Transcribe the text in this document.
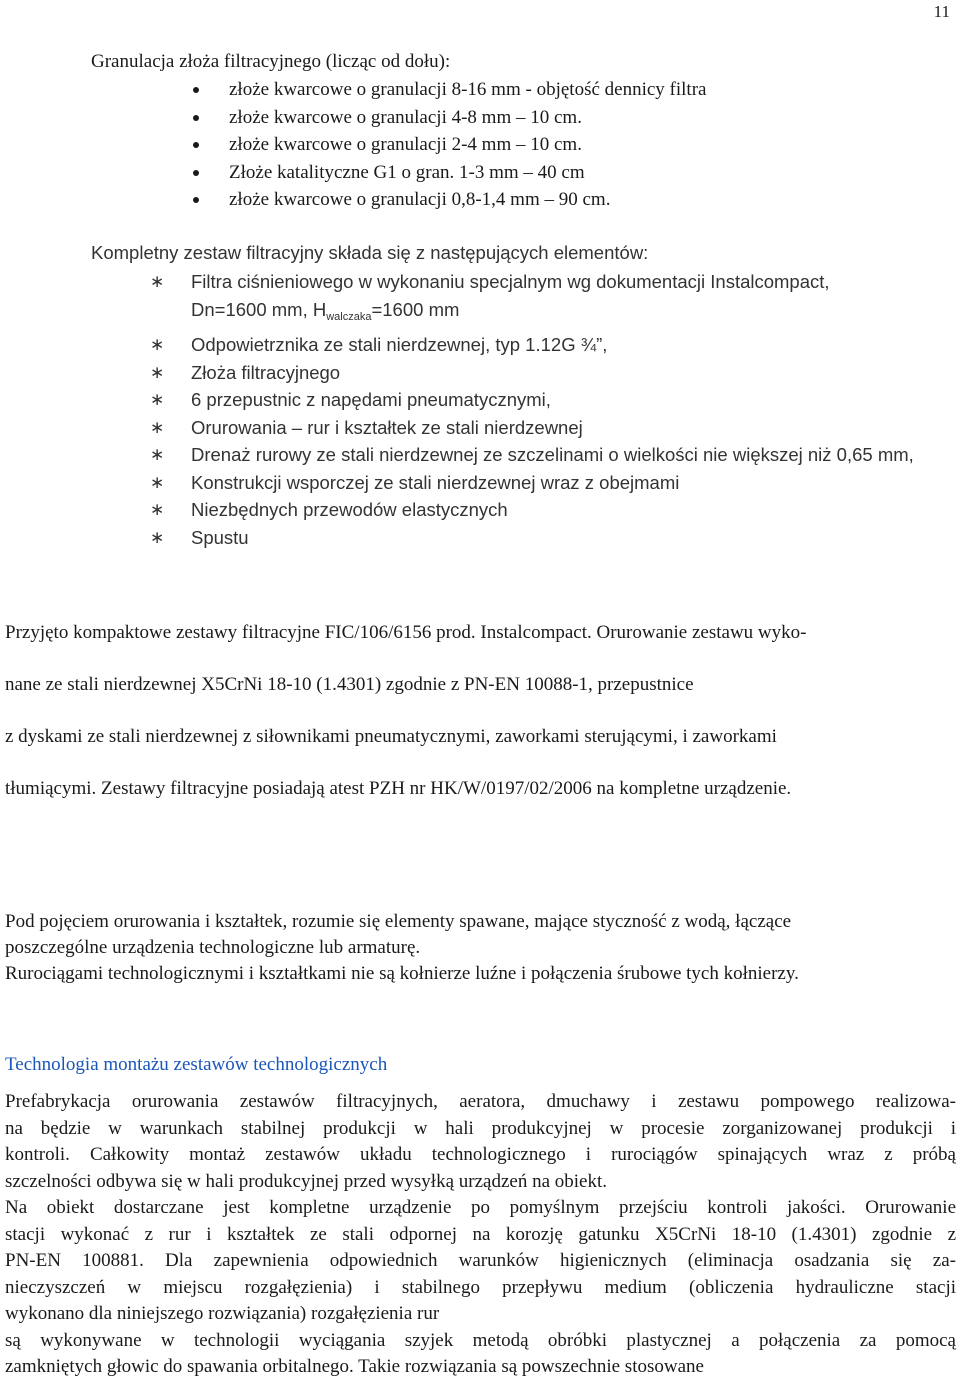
11
Granulacja złoża filtracyjnego (licząc od dołu):
złoże kwarcowe o granulacji 8-16 mm - objętość dennicy filtra
złoże kwarcowe o granulacji 4-8 mm – 10 cm.
złoże kwarcowe o granulacji 2-4 mm – 10 cm.
Złoże katalityczne G1 o gran. 1-3 mm – 40 cm
złoże kwarcowe o granulacji 0,8-1,4 mm – 90 cm.
Kompletny zestaw filtracyjny składa się z następujących elementów:
∗ Filtra ciśnieniowego w wykonaniu specjalnym wg dokumentacji Instalcompact,
Dn=1600 mm, $H_{walczaka}=1600$ mm
∗ Odpowietrznika ze stali nierdzewnej, typ 1.12G ¾”,
∗ Złoża filtracyjnego
∗ 6 przepustnic z napędami pneumatycznymi,
∗ Orurowania – rur i kształtek ze stali nierdzewnej
∗ Drenaż rurowy ze stali nierdzewnej ze szczelinami o wielkości nie większej niż 0,65 mm,
∗ Konstrukcji wsporczej ze stali nierdzewnej wraz z obejmami
∗ Niezbędnych przewodów elastycznych
∗ Spustu
Przyjęto kompaktowe zestawy filtracyjne FIC/106/6156 prod. Instalcompact. Orurowanie zestawu wyko-
nane ze stali nierdzewnej X5CrNi 18-10 (1.4301) zgodnie z PN-EN 10088-1, przepustnice
z dyskami ze stali nierdzewnej z siłownikami pneumatycznymi, zaworkami sterującymi, i zaworkami
tłumiącymi. Zestawy filtracyjne posiadają atest PZH nr HK/W/0197/02/2006 na kompletne urządzenie.
Pod pojęciem orurowania i kształtek, rozumie się elementy spawane, mające styczność z wodą, łączące
poszczególne urządzenia technologiczne lub armaturę.
Rurociągami technologicznymi i kształtkami nie są kołnierze luźne i połączenia śrubowe tych kołnierzy.
Technologia montażu zestawów technologicznych
Prefabrykacja orurowania zestawów filtracyjnych, aeratora, dmuchawy i zestawu pompowego realizowa-
na będzie w warunkach stabilnej produkcji w hali produkcyjnej w procesie zorganizowanej produkcji i
kontroli. Całkowity montaż zestawów układu technologicznego i rurociągów spinających wraz z próbą
szczelności odbywa się w hali produkcyjnej przed wysyłką urządzeń na obiekt.
Na obiekt dostarczane jest kompletne urządzenie po pomyślnym przejściu kontroli jakości. Orurowanie
stacji wykonać z rur i kształtek ze stali odpornej na korozję gatunku X5CrNi 18-10 (1.4301) zgodnie z
PN-EN 100881. Dla zapewnienia odpowiednich warunków higienicznych (eliminacja osadzania się za-
nieczyszczeń w miejscu rozgałęzienia) i stabilnego przepływu medium (obliczenia hydrauliczne stacji
wykonano dla niniejszego rozwiązania) rozgałęzienia rur
są wykonywane w technologii wyciągania szyjek metodą obróbki plastycznej a połączenia za pomocą
zamkniętych głowic do spawania orbitalnego. Takie rozwiązania są powszechnie stosowane
